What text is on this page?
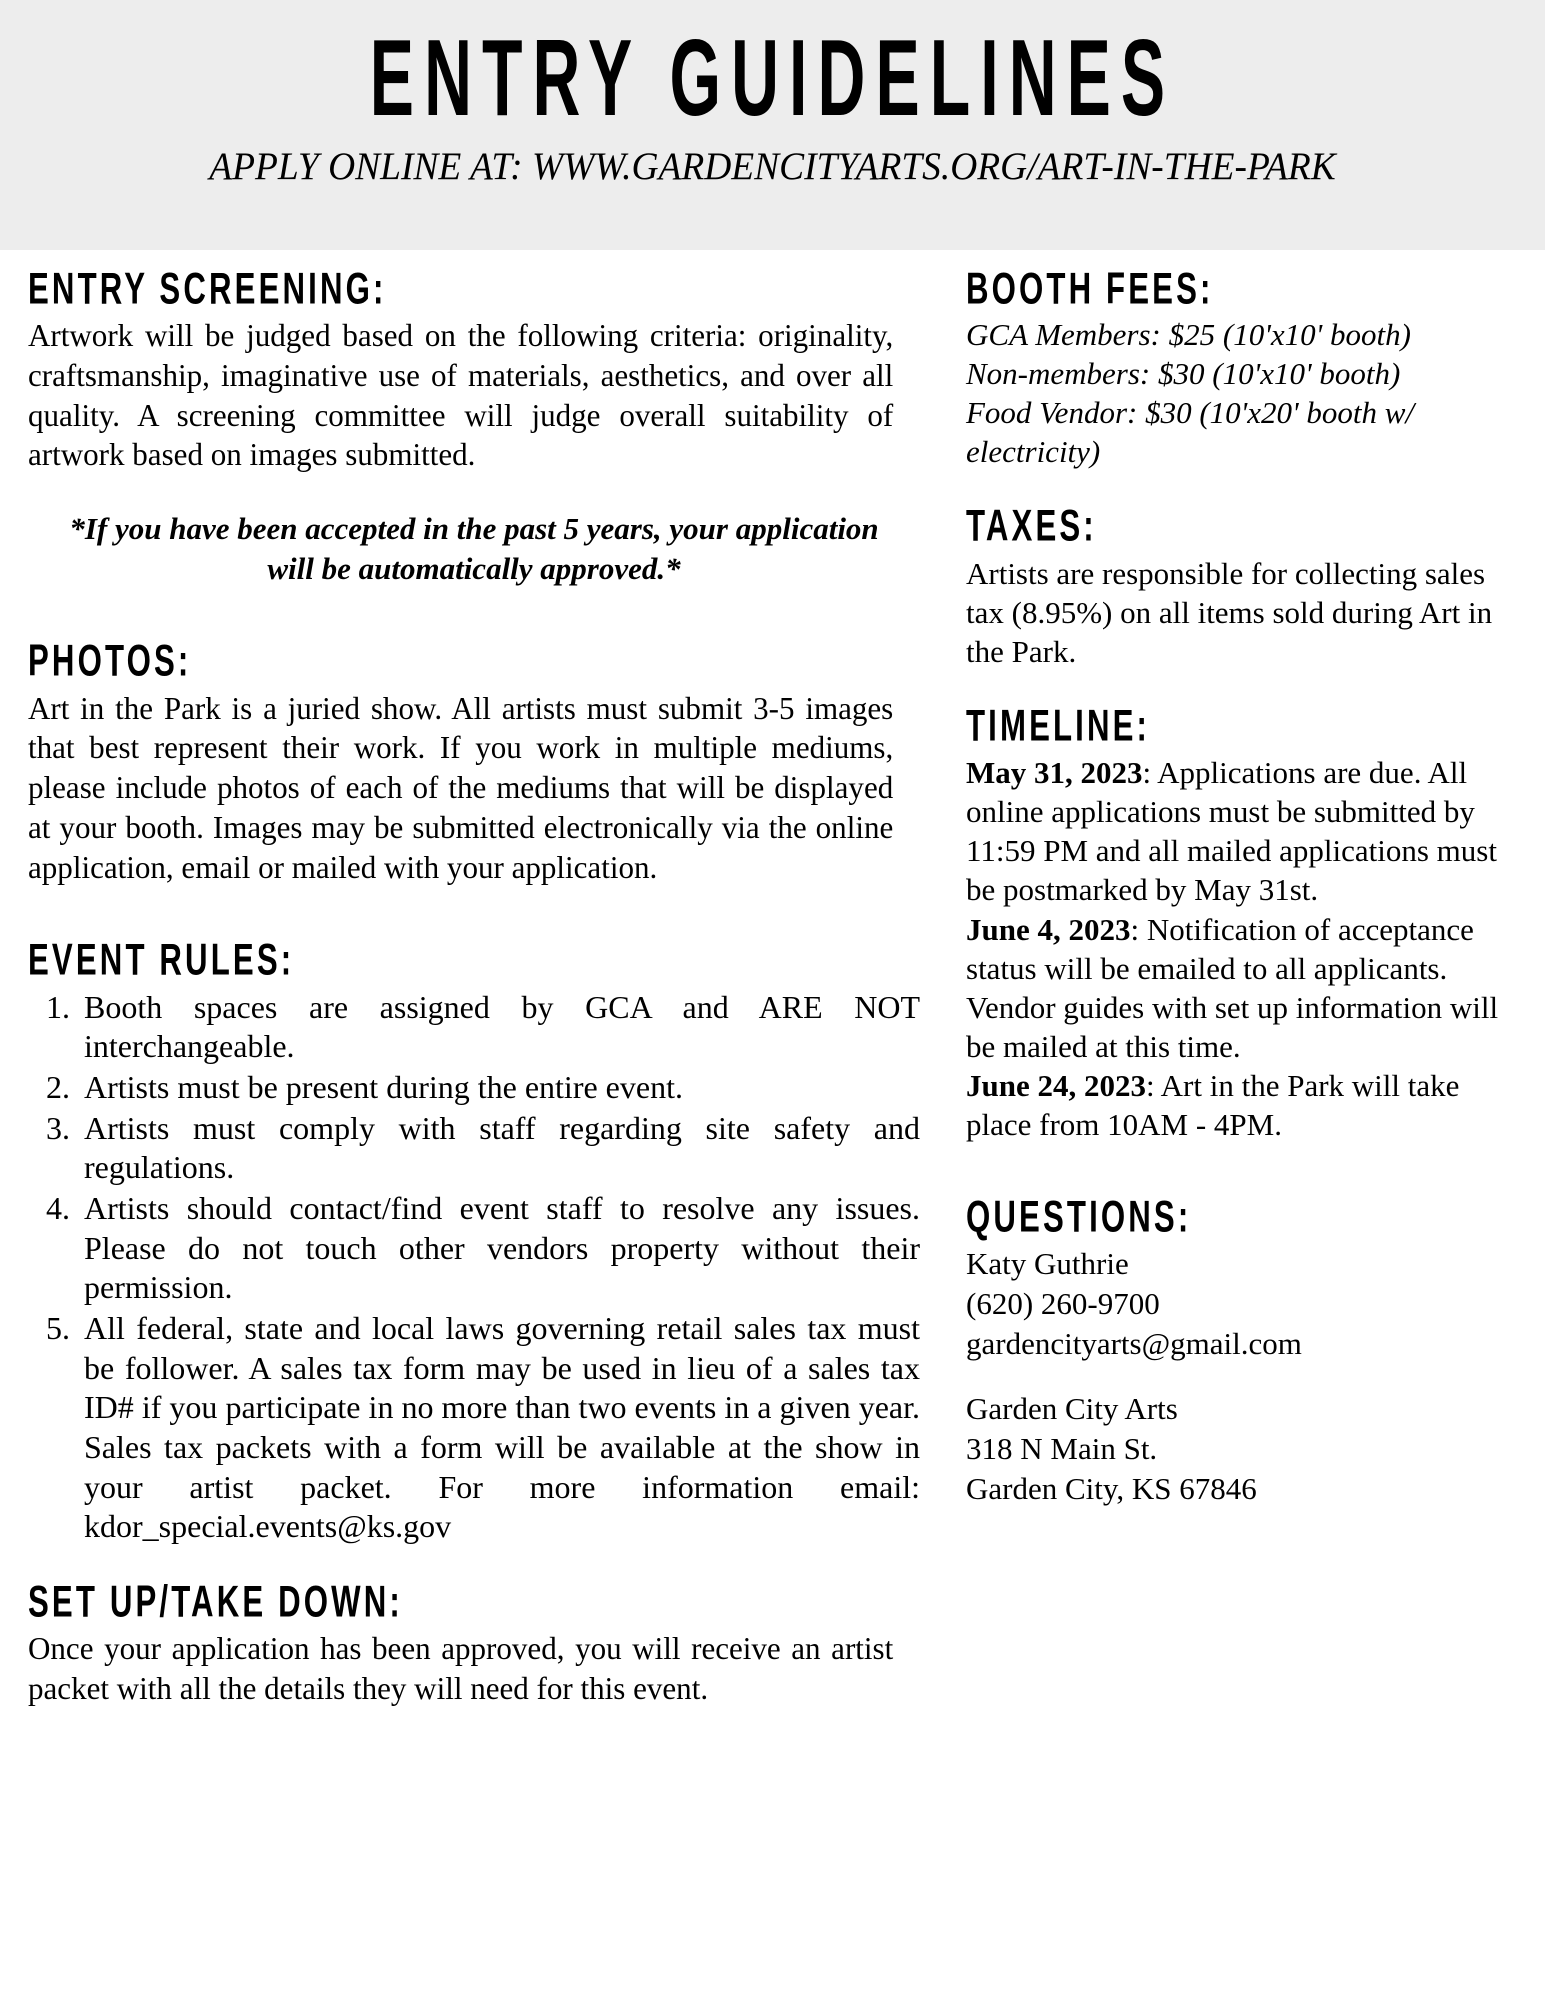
ENTRY GUIDELINES
APPLY ONLINE AT: WWW.GARDENCITYARTS.ORG/ART-IN-THE-PARK
ENTRY SCREENING:

Artwork will be judged based on the following criteria: originality, craftsmanship, imaginative use of materials, aesthetics, and over all quality. A screening committee will judge overall suitability of artwork based on images submitted.

*If you have been accepted in the past 5 years, your application will be automatically approved.*

PHOTOS:

Art in the Park is a juried show. All artists must submit 3-5 images that best represent their work. If you work in multiple mediums, please include photos of each of the mediums that will be displayed at your booth. Images may be submitted electronically via the online application, email or mailed with your application.

EVENT RULES:
1. Booth spaces are assigned by GCA and ARE NOT interchangeable.
2. Artists must be present during the entire event.
3. Artists must comply with staff regarding site safety and regulations.
4. Artists should contact/find event staff to resolve any issues. Please do not touch other vendors property without their permission.
5. All federal, state and local laws governing retail sales tax must be follower. A sales tax form may be used in lieu of a sales tax ID# if you participate in no more than two events in a given year. Sales tax packets with a form will be available at the show in your artist packet. For more information email: kdor_special.events@ks.gov
SET UP/TAKE DOWN:

Once your application has been approved, you will receive an artist packet with all the details they will need for this event.

BOOTH FEES:

GCA Members: $25 (10'x10' booth)

Non-members: $30 (10'x10' booth)

Food Vendor: $30 (10'x20' booth w/ electricity)

TAXES:

Artists are responsible for collecting sales tax (8.95%) on all items sold during Art in the Park.

TIMELINE:

May 31, 2023: Applications are due. All online applications must be submitted by 11:59 PM and all mailed applications must be postmarked by May 31st.

June 4, 2023: Notification of acceptance status will be emailed to all applicants. Vendor guides with set up information will be mailed at this time.

June 24, 2023: Art in the Park will take place from 10AM - 4PM.

QUESTIONS:

Katy Guthrie

(620) 260-9700

gardencityarts@gmail.com

Garden City Arts

318 N Main St.

Garden City, KS 67846
